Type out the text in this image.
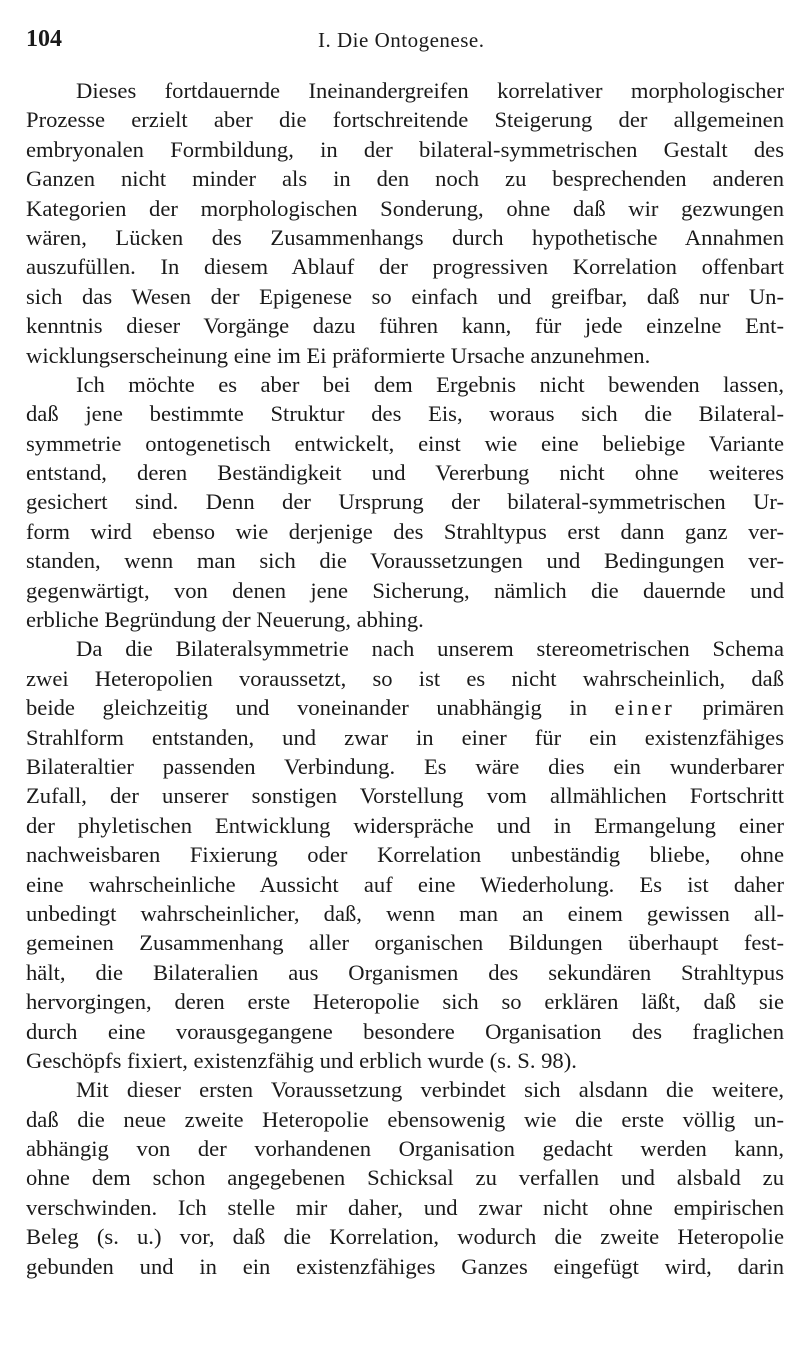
104	I. Die Ontogenese.
Dieses fortdauernde Ineinandergreifen korrelativer morphologischer
Prozesse erzielt aber die fortschreitende Steigerung der allgemeinen
embryonalen Formbildung, in der bilateral-symmetrischen Gestalt des
Ganzen nicht minder als in den noch zu besprechenden anderen
Kategorien der morphologischen Sonderung, ohne daß wir gezwungen
wären, Lücken des Zusammenhangs durch hypothetische Annahmen
auszufüllen. In diesem Ablauf der progressiven Korrelation offenbart
sich das Wesen der Epigenese so einfach und greifbar, daß nur Un-
kenntnis dieser Vorgänge dazu führen kann, für jede einzelne Ent-
wicklungserscheinung eine im Ei präformierte Ursache anzunehmen.
Ich möchte es aber bei dem Ergebnis nicht bewenden lassen,
daß jene bestimmte Struktur des Eis, woraus sich die Bilateral-
symmetrie ontogenetisch entwickelt, einst wie eine beliebige Variante
entstand, deren Beständigkeit und Vererbung nicht ohne weiteres
gesichert sind. Denn der Ursprung der bilateral-symmetrischen Ur-
form wird ebenso wie derjenige des Strahltypus erst dann ganz ver-
standen, wenn man sich die Voraussetzungen und Bedingungen ver-
gegenwärtigt, von denen jene Sicherung, nämlich die dauernde und
erbliche Begründung der Neuerung, abhing.
Da die Bilateralsymmetrie nach unserem stereometrischen Schema
zwei Heteropolien voraussetzt, so ist es nicht wahrscheinlich, daß
beide gleichzeitig und voneinander unabhängig in einer primären
Strahlform entstanden, und zwar in einer für ein existenzfähiges
Bilateraltier passenden Verbindung. Es wäre dies ein wunderbarer
Zufall, der unserer sonstigen Vorstellung vom allmählichen Fortschritt
der phyletischen Entwicklung widerspräche und in Ermangelung einer
nachweisbaren Fixierung oder Korrelation unbeständig bliebe, ohne
eine wahrscheinliche Aussicht auf eine Wiederholung. Es ist daher
unbedingt wahrscheinlicher, daß, wenn man an einem gewissen all-
gemeinen Zusammenhang aller organischen Bildungen überhaupt fest-
hält, die Bilateralien aus Organismen des sekundären Strahltypus
hervorgingen, deren erste Heteropolie sich so erklären läßt, daß sie
durch eine vorausgegangene besondere Organisation des fraglichen
Geschöpfs fixiert, existenzfähig und erblich wurde (s. S. 98).
Mit dieser ersten Voraussetzung verbindet sich alsdann die weitere,
daß die neue zweite Heteropolie ebensowenig wie die erste völlig un-
abhängig von der vorhandenen Organisation gedacht werden kann,
ohne dem schon angegebenen Schicksal zu verfallen und alsbald zu
verschwinden. Ich stelle mir daher, und zwar nicht ohne empirischen
Beleg (s. u.) vor, daß die Korrelation, wodurch die zweite Heteropolie
gebunden und in ein existenzfähiges Ganzes eingefügt wird, darin
